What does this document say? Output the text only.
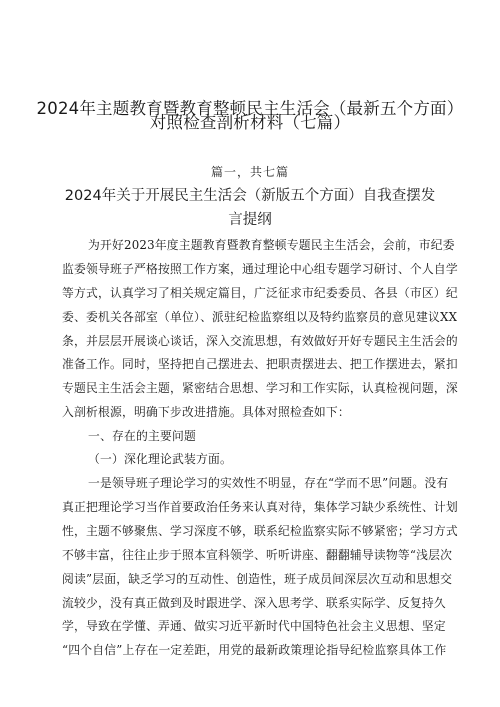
2024年主题教育暨教育整顿民主生活会（最新五个方面）
对照检查剖析材料（七篇）
篇一，共七篇
2024年关于开展民主生活会（新版五个方面）自我查摆发
言提纲
为开好2023年度主题教育暨教育整顿专题民主生活会，会前，市纪委
监委领导班子严格按照工作方案，通过理论中心组专题学习研讨、个人自学
等方式，认真学习了相关规定篇目，广泛征求市纪委委员、各县（市区）纪
委、委机关各部室（单位）、派驻纪检监察组以及特约监察员的意见建议XX
条，并层层开展谈心谈话，深入交流思想，有效做好开好专题民主生活会的
准备工作。同时，坚持把自己摆进去、把职责摆进去、把工作摆进去，紧扣
专题民主生活会主题，紧密结合思想、学习和工作实际，认真检视问题，深
入剖析根源，明确下步改进措施。具体对照检查如下：
一、存在的主要问题
（一）深化理论武装方面。
一是领导班子理论学习的实效性不明显，存在“学而不思”问题。没有
真正把理论学习当作首要政治任务来认真对待，集体学习缺少系统性、计划
性，主题不够聚焦、学习深度不够，联系纪检监察实际不够紧密；学习方式
不够丰富，往往止步于照本宣科领学、听听讲座、翻翻辅导读物等“浅层次
阅读”层面，缺乏学习的互动性、创造性，班子成员间深层次互动和思想交
流较少，没有真正做到及时跟进学、深入思考学、联系实际学、反复持久
学，导致在学懂、弄通、做实习近平新时代中国特色社会主义思想、坚定
“四个自信”上存在一定差距，用党的最新政策理论指导纪检监察具体工作
